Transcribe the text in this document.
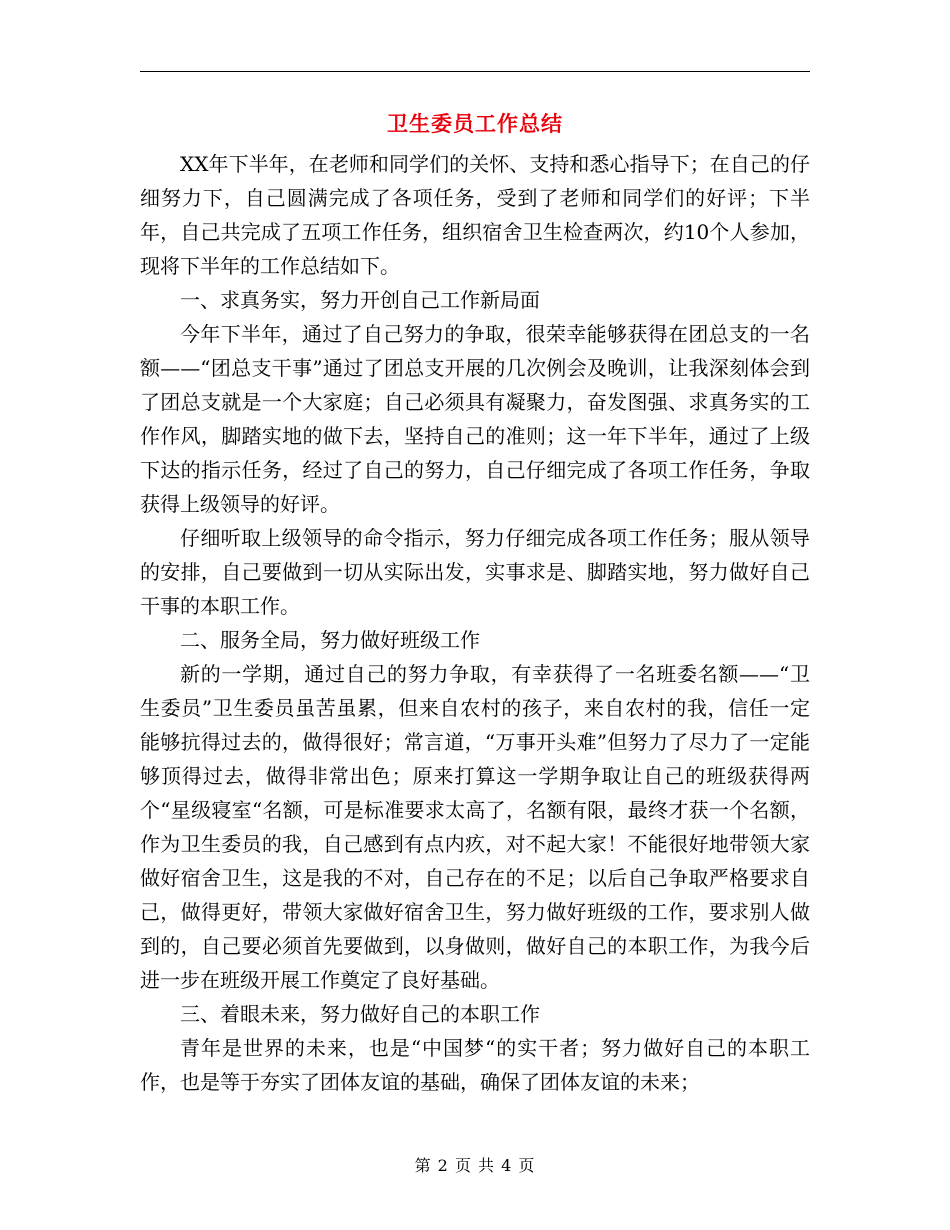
卫生委员工作总结

XX年下半年，在老师和同学们的关怀、支持和悉心指导下；在自己的仔细努力下，自己圆满完成了各项任务，受到了老师和同学们的好评；下半年，自己共完成了五项工作任务，组织宿舍卫生检查两次，约10个人参加，现将下半年的工作总结如下。

一、求真务实，努力开创自己工作新局面

今年下半年，通过了自己努力的争取，很荣幸能够获得在团总支的一名额——“团总支干事”通过了团总支开展的几次例会及晚训，让我深刻体会到了团总支就是一个大家庭；自己必须具有凝聚力，奋发图强、求真务实的工作作风，脚踏实地的做下去，坚持自己的准则；这一年下半年，通过了上级下达的指示任务，经过了自己的努力，自己仔细完成了各项工作任务，争取获得上级领导的好评。

仔细听取上级领导的命令指示，努力仔细完成各项工作任务；服从领导的安排，自己要做到一切从实际出发，实事求是、脚踏实地，努力做好自己干事的本职工作。

二、服务全局，努力做好班级工作

新的一学期，通过自己的努力争取，有幸获得了一名班委名额——“卫生委员”卫生委员虽苦虽累，但来自农村的孩子，来自农村的我，信任一定能够抗得过去的，做得很好；常言道，“万事开头难”但努力了尽力了一定能够顶得过去，做得非常出色；原来打算这一学期争取让自己的班级获得两个“星级寝室“名额，可是标准要求太高了，名额有限，最终才获一个名额，作为卫生委员的我，自己感到有点内疚，对不起大家！不能很好地带领大家做好宿舍卫生，这是我的不对，自己存在的不足；以后自己争取严格要求自己，做得更好，带领大家做好宿舍卫生，努力做好班级的工作，要求别人做到的，自己要必须首先要做到，以身做则，做好自己的本职工作，为我今后进一步在班级开展工作奠定了良好基础。

三、着眼未来，努力做好自己的本职工作

青年是世界的未来，也是“中国梦“的实干者；努力做好自己的本职工作，也是等于夯实了团体友谊的基础，确保了团体友谊的未来；

第 2 页 共 4 页
